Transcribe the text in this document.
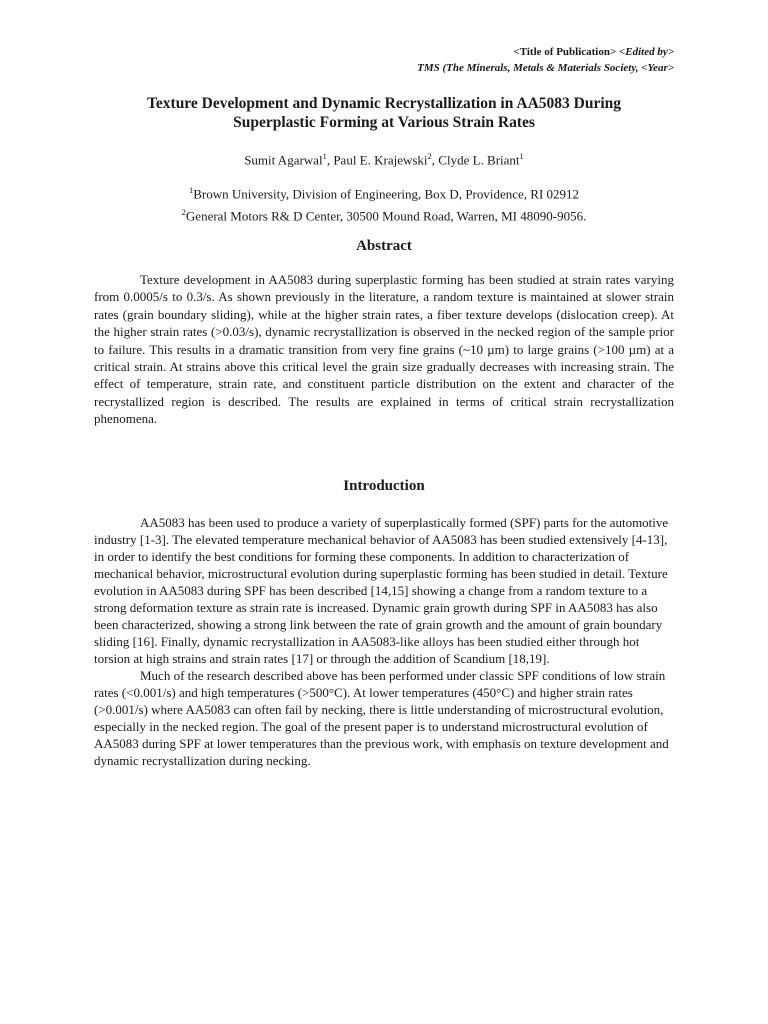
<Title of Publication> <Edited by>
TMS (The Minerals, Metals & Materials Society, <Year>
Texture Development and Dynamic Recrystallization in AA5083 During
Superplastic Forming at Various Strain Rates
Sumit Agarwal$^1$, Paul E. Krajewski$^2$, Clyde L. Briant$^1$
$^1$Brown University, Division of Engineering, Box D, Providence, RI 02912
$^2$General Motors R& D Center, 30500 Mound Road, Warren, MI 48090-9056.
Abstract
Texture development in AA5083 during superplastic forming has been studied at strain rates varying from 0.0005/s to 0.3/s. As shown previously in the literature, a random texture is maintained at slower strain rates (grain boundary sliding), while at the higher strain rates, a fiber texture develops (dislocation creep). At the higher strain rates (>0.03/s), dynamic recrystallization is observed in the necked region of the sample prior to failure. This results in a dramatic transition from very fine grains (~10 µm) to large grains (>100 µm) at a critical strain. At strains above this critical level the grain size gradually decreases with increasing strain. The effect of temperature, strain rate, and constituent particle distribution on the extent and character of the recrystallized region is described. The results are explained in terms of critical strain recrystallization phenomena.
Introduction

AA5083 has been used to produce a variety of superplastically formed (SPF) parts for the automotive industry [1-3]. The elevated temperature mechanical behavior of AA5083 has been studied extensively [4-13], in order to identify the best conditions for forming these components. In addition to characterization of mechanical behavior, microstructural evolution during superplastic forming has been studied in detail. Texture evolution in AA5083 during SPF has been described [14,15] showing a change from a random texture to a strong deformation texture as strain rate is increased. Dynamic grain growth during SPF in AA5083 has also been characterized, showing a strong link between the rate of grain growth and the amount of grain boundary sliding [16]. Finally, dynamic recrystallization in AA5083-like alloys has been studied either through hot torsion at high strains and strain rates [17] or through the addition of Scandium [18,19].

Much of the research described above has been performed under classic SPF conditions of low strain rates (<0.001/s) and high temperatures (>500°C). At lower temperatures (450°C) and higher strain rates (>0.001/s) where AA5083 can often fail by necking, there is little understanding of microstructural evolution, especially in the necked region. The goal of the present paper is to understand microstructural evolution of AA5083 during SPF at lower temperatures than the previous work, with emphasis on texture development and dynamic recrystallization during necking.
